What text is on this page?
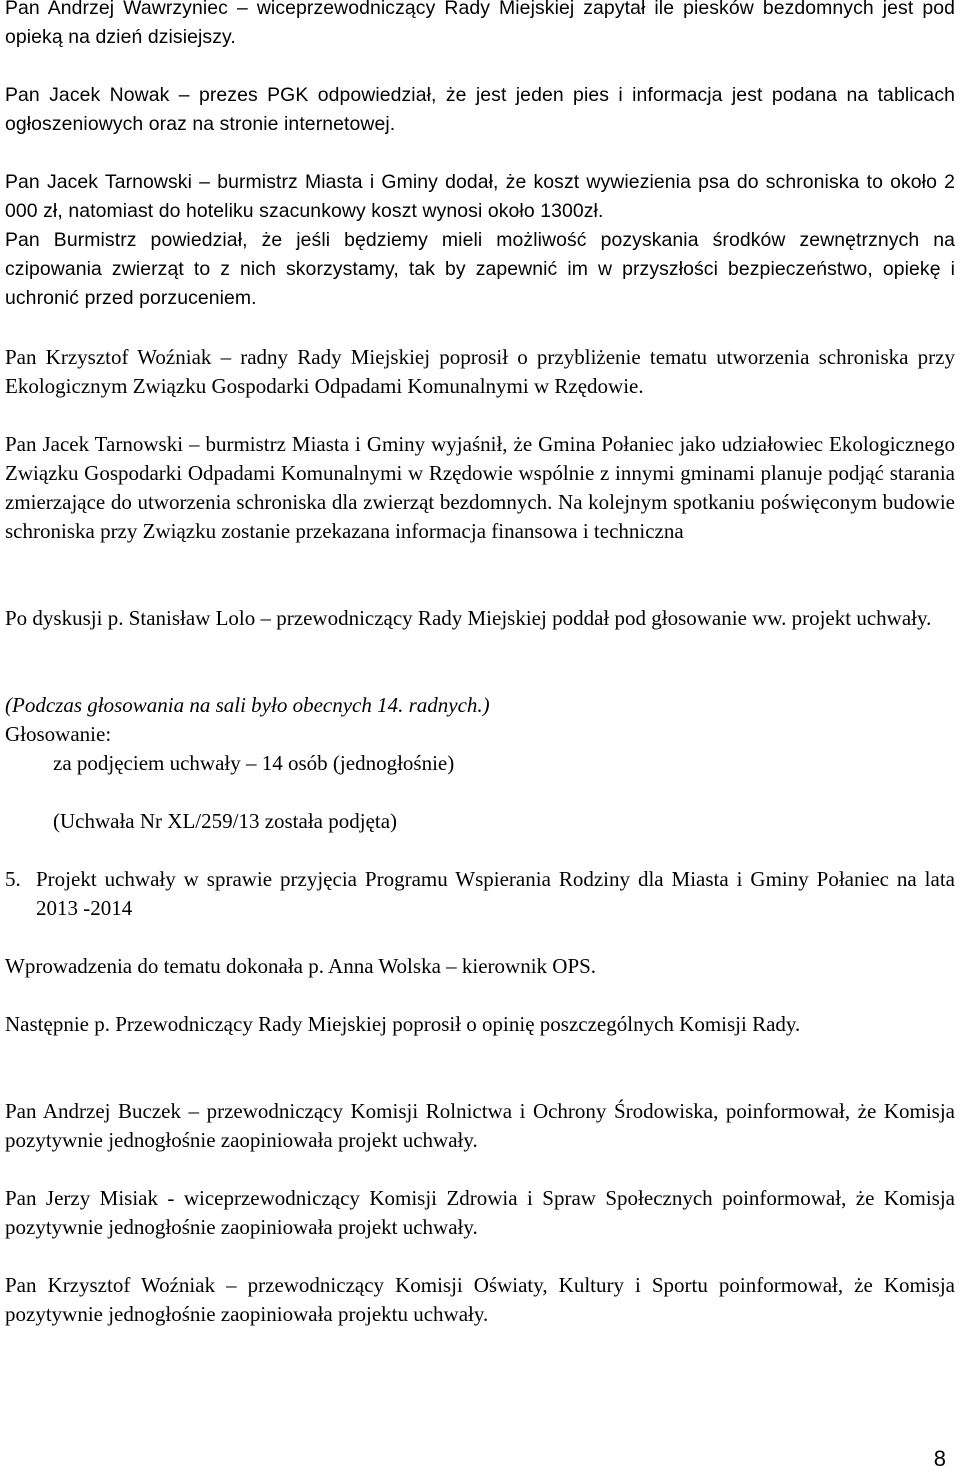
Pan Andrzej Wawrzyniec – wiceprzewodniczący Rady Miejskiej zapytał ile piesków bezdomnych jest pod opieką na dzień dzisiejszy.

Pan Jacek Nowak – prezes PGK odpowiedział, że jest jeden pies i informacja jest podana na tablicach ogłoszeniowych oraz na stronie internetowej.

Pan Jacek Tarnowski – burmistrz Miasta i Gminy dodał, że koszt wywiezienia psa do schroniska to około 2 000 zł, natomiast do hoteliku szacunkowy koszt wynosi około 1300zł.

Pan Burmistrz powiedział, że jeśli będziemy mieli możliwość pozyskania środków zewnętrznych na czipowania zwierząt to z nich skorzystamy, tak by zapewnić im w przyszłości bezpieczeństwo, opiekę i uchronić przed porzuceniem.

Pan Krzysztof Woźniak – radny Rady Miejskiej poprosił o przybliżenie tematu utworzenia schroniska przy Ekologicznym Związku Gospodarki Odpadami Komunalnymi w Rzędowie.

Pan Jacek Tarnowski – burmistrz Miasta i Gminy wyjaśnił, że Gmina Połaniec jako udziałowiec Ekologicznego Związku Gospodarki Odpadami Komunalnymi w Rzędowie wspólnie z innymi gminami planuje podjąć starania zmierzające do utworzenia schroniska dla zwierząt bezdomnych. Na kolejnym spotkaniu poświęconym budowie schroniska przy Związku zostanie przekazana informacja finansowa i techniczna

Po dyskusji p. Stanisław Lolo – przewodniczący Rady Miejskiej poddał pod głosowanie ww. projekt uchwały.

(Podczas głosowania na sali było obecnych 14. radnych.)

Głosowanie:

za podjęciem uchwały – 14 osób (jednogłośnie)

(Uchwała Nr XL/259/13 została podjęta)

5. Projekt uchwały w sprawie przyjęcia Programu Wspierania Rodziny dla Miasta i Gminy Połaniec na lata 2013 -2014

Wprowadzenia do tematu dokonała p. Anna Wolska – kierownik OPS.

Następnie p. Przewodniczący Rady Miejskiej poprosił o opinię poszczególnych Komisji Rady.

Pan Andrzej Buczek – przewodniczący Komisji Rolnictwa i Ochrony Środowiska, poinformował, że Komisja pozytywnie jednogłośnie zaopiniowała projekt uchwały.

Pan Jerzy Misiak - wiceprzewodniczący Komisji Zdrowia i Spraw Społecznych poinformował, że Komisja pozytywnie jednogłośnie zaopiniowała projekt uchwały.

Pan Krzysztof Woźniak – przewodniczący Komisji Oświaty, Kultury i Sportu poinformował, że Komisja pozytywnie jednogłośnie zaopiniowała projektu uchwały.

8
